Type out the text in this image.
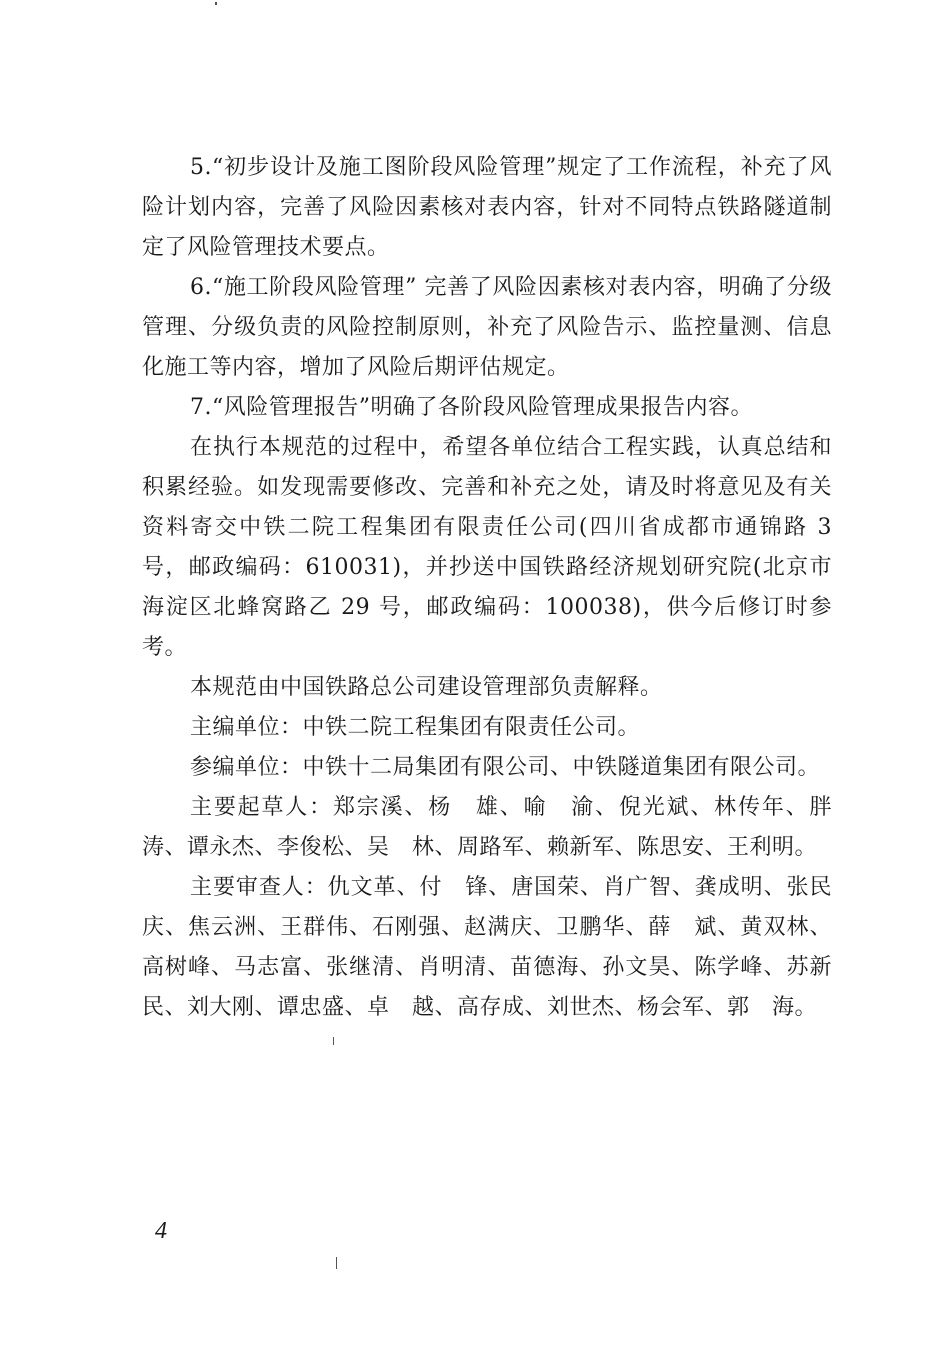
5.“初步设计及施工图阶段风险管理”规定了工作流程，补充了风险计划内容，完善了风险因素核对表内容，针对不同特点铁路隧道制定了风险管理技术要点。

6.“施工阶段风险管理” 完善了风险因素核对表内容，明确了分级管理、分级负责的风险控制原则，补充了风险告示、监控量测、信息化施工等内容，增加了风险后期评估规定。

7.“风险管理报告”明确了各阶段风险管理成果报告内容。

在执行本规范的过程中，希望各单位结合工程实践，认真总结和积累经验。如发现需要修改、完善和补充之处，请及时将意见及有关资料寄交中铁二院工程集团有限责任公司(四川省成都市通锦路 3 号，邮政编码：610031)，并抄送中国铁路经济规划研究院(北京市海淀区北蜂窝路乙 29 号，邮政编码：100038)，供今后修订时参考。

本规范由中国铁路总公司建设管理部负责解释。

主编单位：中铁二院工程集团有限责任公司。

参编单位：中铁十二局集团有限公司、中铁隧道集团有限公司。

主要起草人：郑宗溪、杨　雄、喻　渝、倪光斌、林传年、胖　涛、谭永杰、李俊松、吴　林、周路军、赖新军、陈思安、王利明。

主要审查人：仇文革、付　锋、唐国荣、肖广智、龚成明、张民庆、焦云洲、王群伟、石刚强、赵满庆、卫鹏华、薛　斌、黄双林、高树峰、马志富、张继清、肖明清、苗德海、孙文昊、陈学峰、苏新民、刘大刚、谭忠盛、卓　越、高存成、刘世杰、杨会军、郭　海。

4
